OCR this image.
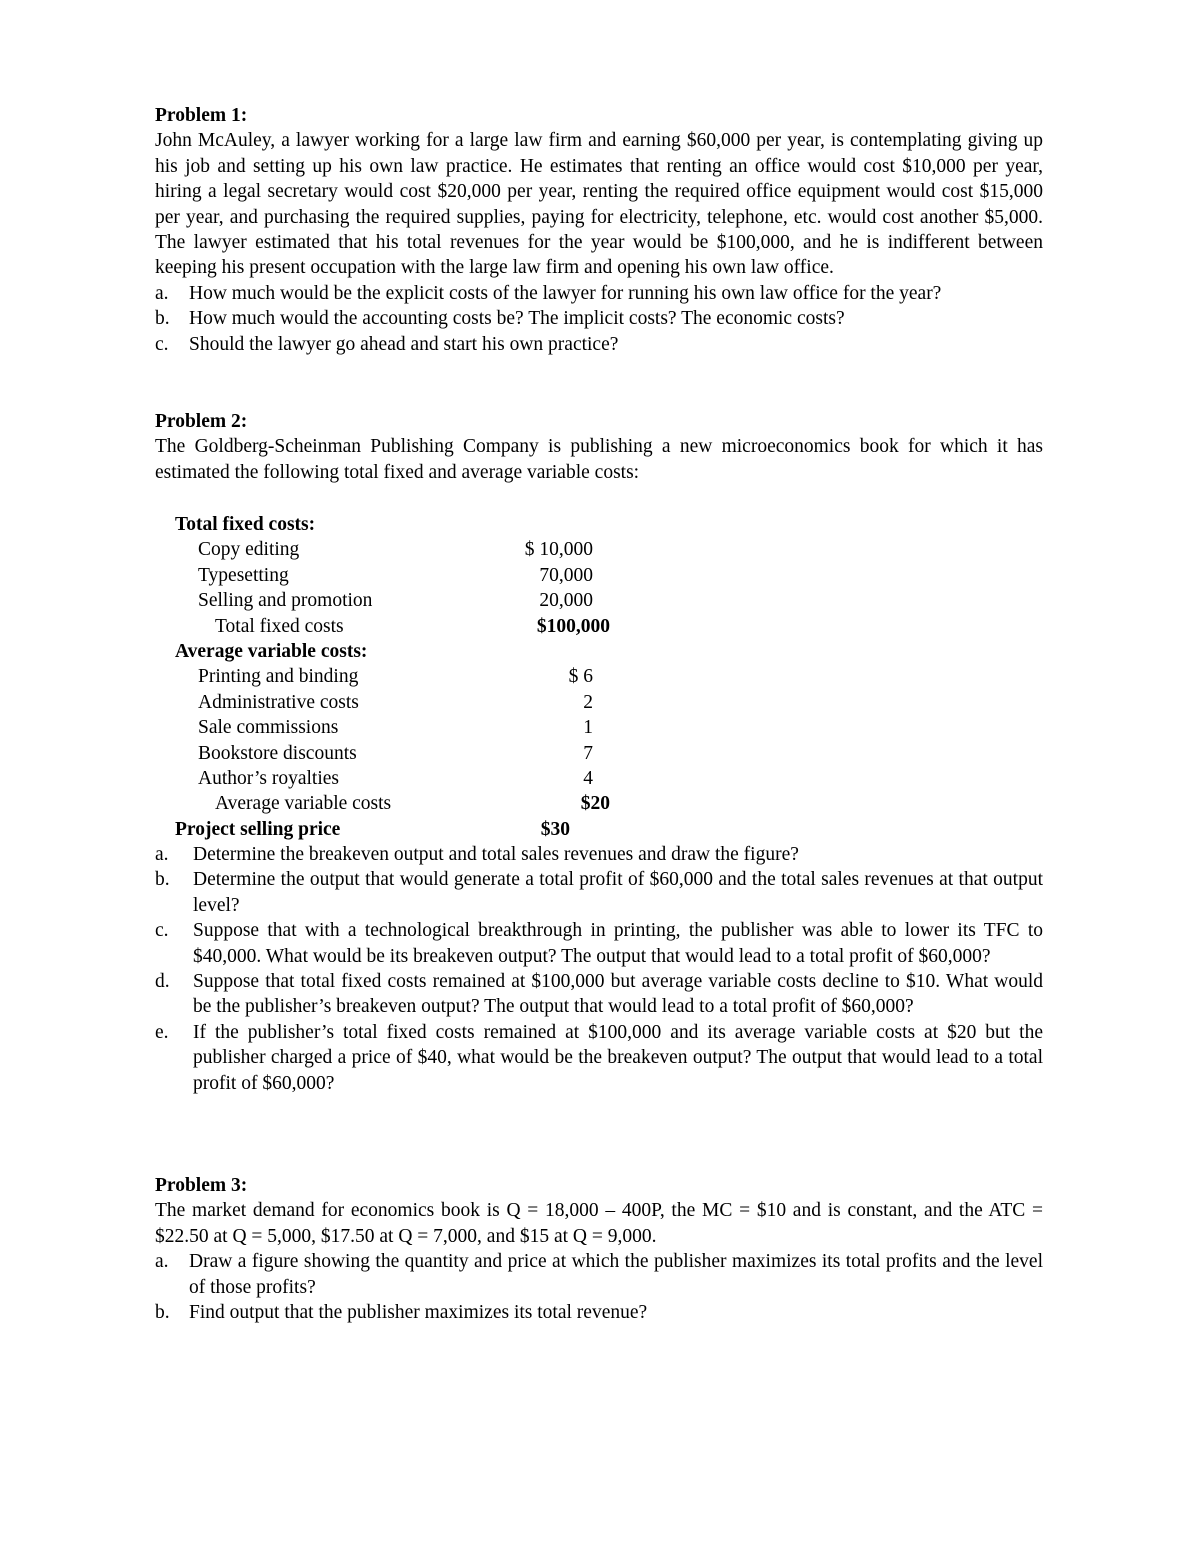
Problem 1:
John McAuley, a lawyer working for a large law firm and earning $60,000 per year, is contemplating giving up his job and setting up his own law practice. He estimates that renting an office would cost $10,000 per year, hiring a legal secretary would cost $20,000 per year, renting the required office equipment would cost $15,000 per year, and purchasing the required supplies, paying for electricity, telephone, etc. would cost another $5,000. The lawyer estimated that his total revenues for the year would be $100,000, and he is indifferent between keeping his present occupation with the large law firm and opening his own law office.
a.	How much would be the explicit costs of the lawyer for running his own law office for the year?
b. How much would the accounting costs be? The implicit costs? The economic costs?
c.	Should the lawyer go ahead and start his own practice?
Problem 2:
The Goldberg-Scheinman Publishing Company is publishing a new microeconomics book for which it has estimated the following total fixed and average variable costs:
Total fixed costs:
Copy editing	$ 10,000
Typesetting	70,000
Selling and promotion	20,000
Total fixed costs	$100,000
Average variable costs:
Printing and binding	$ 6
Administrative costs	2
Sale commissions	1
Bookstore discounts	7
Author’s royalties	4
Average variable costs	$20
Project selling price	$30
a.	Determine the breakeven output and total sales revenues and draw the figure?
b.	Determine the output that would generate a total profit of $60,000 and the total sales revenues at that output level?
c.	Suppose that with a technological breakthrough in printing, the publisher was able to lower its TFC to $40,000. What would be its breakeven output? The output that would lead to a total profit of $60,000?
d.	Suppose that total fixed costs remained at $100,000 but average variable costs decline to $10. What would be the publisher’s breakeven output? The output that would lead to a total profit of $60,000?
e.	If the publisher’s total fixed costs remained at $100,000 and its average variable costs at $20 but the publisher charged a price of $40, what would be the breakeven output? The output that would lead to a total profit of $60,000?
Problem 3:
The market demand for economics book is Q = 18,000 – 400P, the MC = $10 and is constant, and the ATC = $22.50 at Q = 5,000, $17.50 at Q = 7,000, and $15 at Q = 9,000.
a.	Draw a figure showing the quantity and price at which the publisher maximizes its total profits and the level of those profits?
b. Find output that the publisher maximizes its total revenue?
